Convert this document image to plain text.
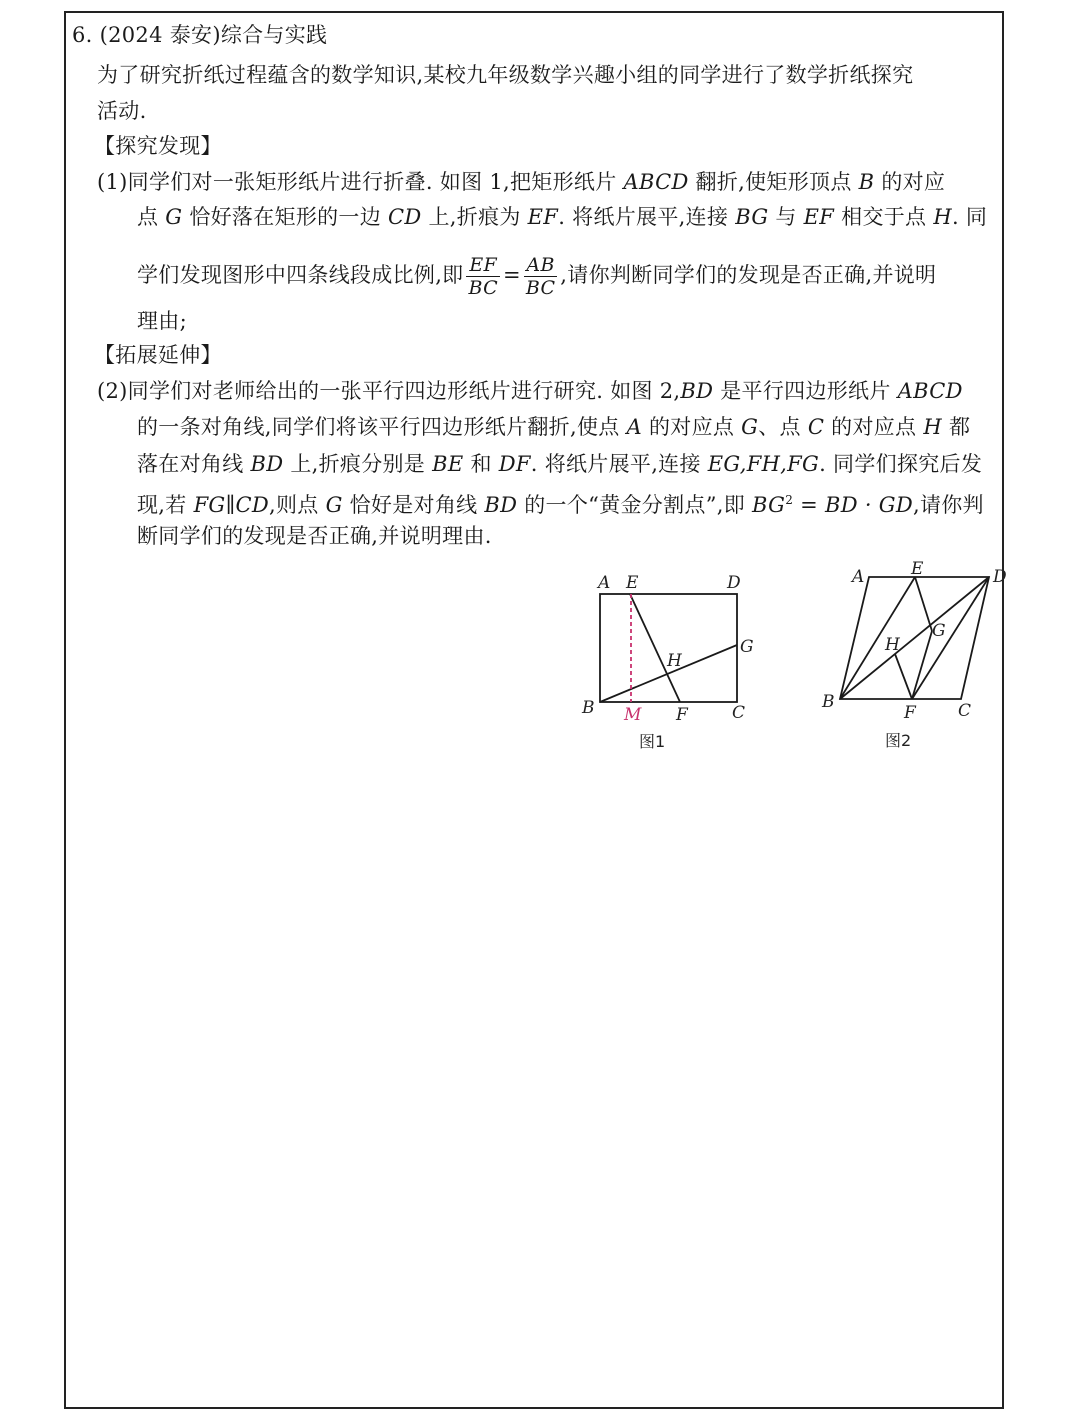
6. (2024 泰安)综合与实践
为了研究折纸过程蕴含的数学知识,某校九年级数学兴趣小组的同学进行了数学折纸探究
活动.
【探究发现】
(1)同学们对一张矩形纸片进行折叠. 如图 1,把矩形纸片 ABCD 翻折,使矩形顶点 B 的对应
点 G 恰好落在矩形的一边 CD 上,折痕为 EF. 将纸片展平,连接 BG 与 EF 相交于点 H. 同
学们发现图形中四条线段成比例,即 $\frac{EF}{BC} = \frac{AB}{BC}$ ,请你判断同学们的发现是否正确,并说明
理由;
【拓展延伸】
(2)同学们对老师给出的一张平行四边形纸片进行研究. 如图 2,BD 是平行四边形纸片 ABCD
的一条对角线,同学们将该平行四边形纸片翻折,使点 A 的对应点 G、点 C 的对应点 H 都
落在对角线 BD 上,折痕分别是 BE 和 DF. 将纸片展平,连接 EG,FH,FG. 同学们探究后发
现,若 FG∥CD,则点 G 恰好是对角线 BD 的一个“黄金分割点”,即 $BG^2$ = BD · GD,请你判
断同学们的发现是否正确,并说明理由.
A E	D
G
H
B M F	C
图1
A	E	D
H
G
B
F C
图2
